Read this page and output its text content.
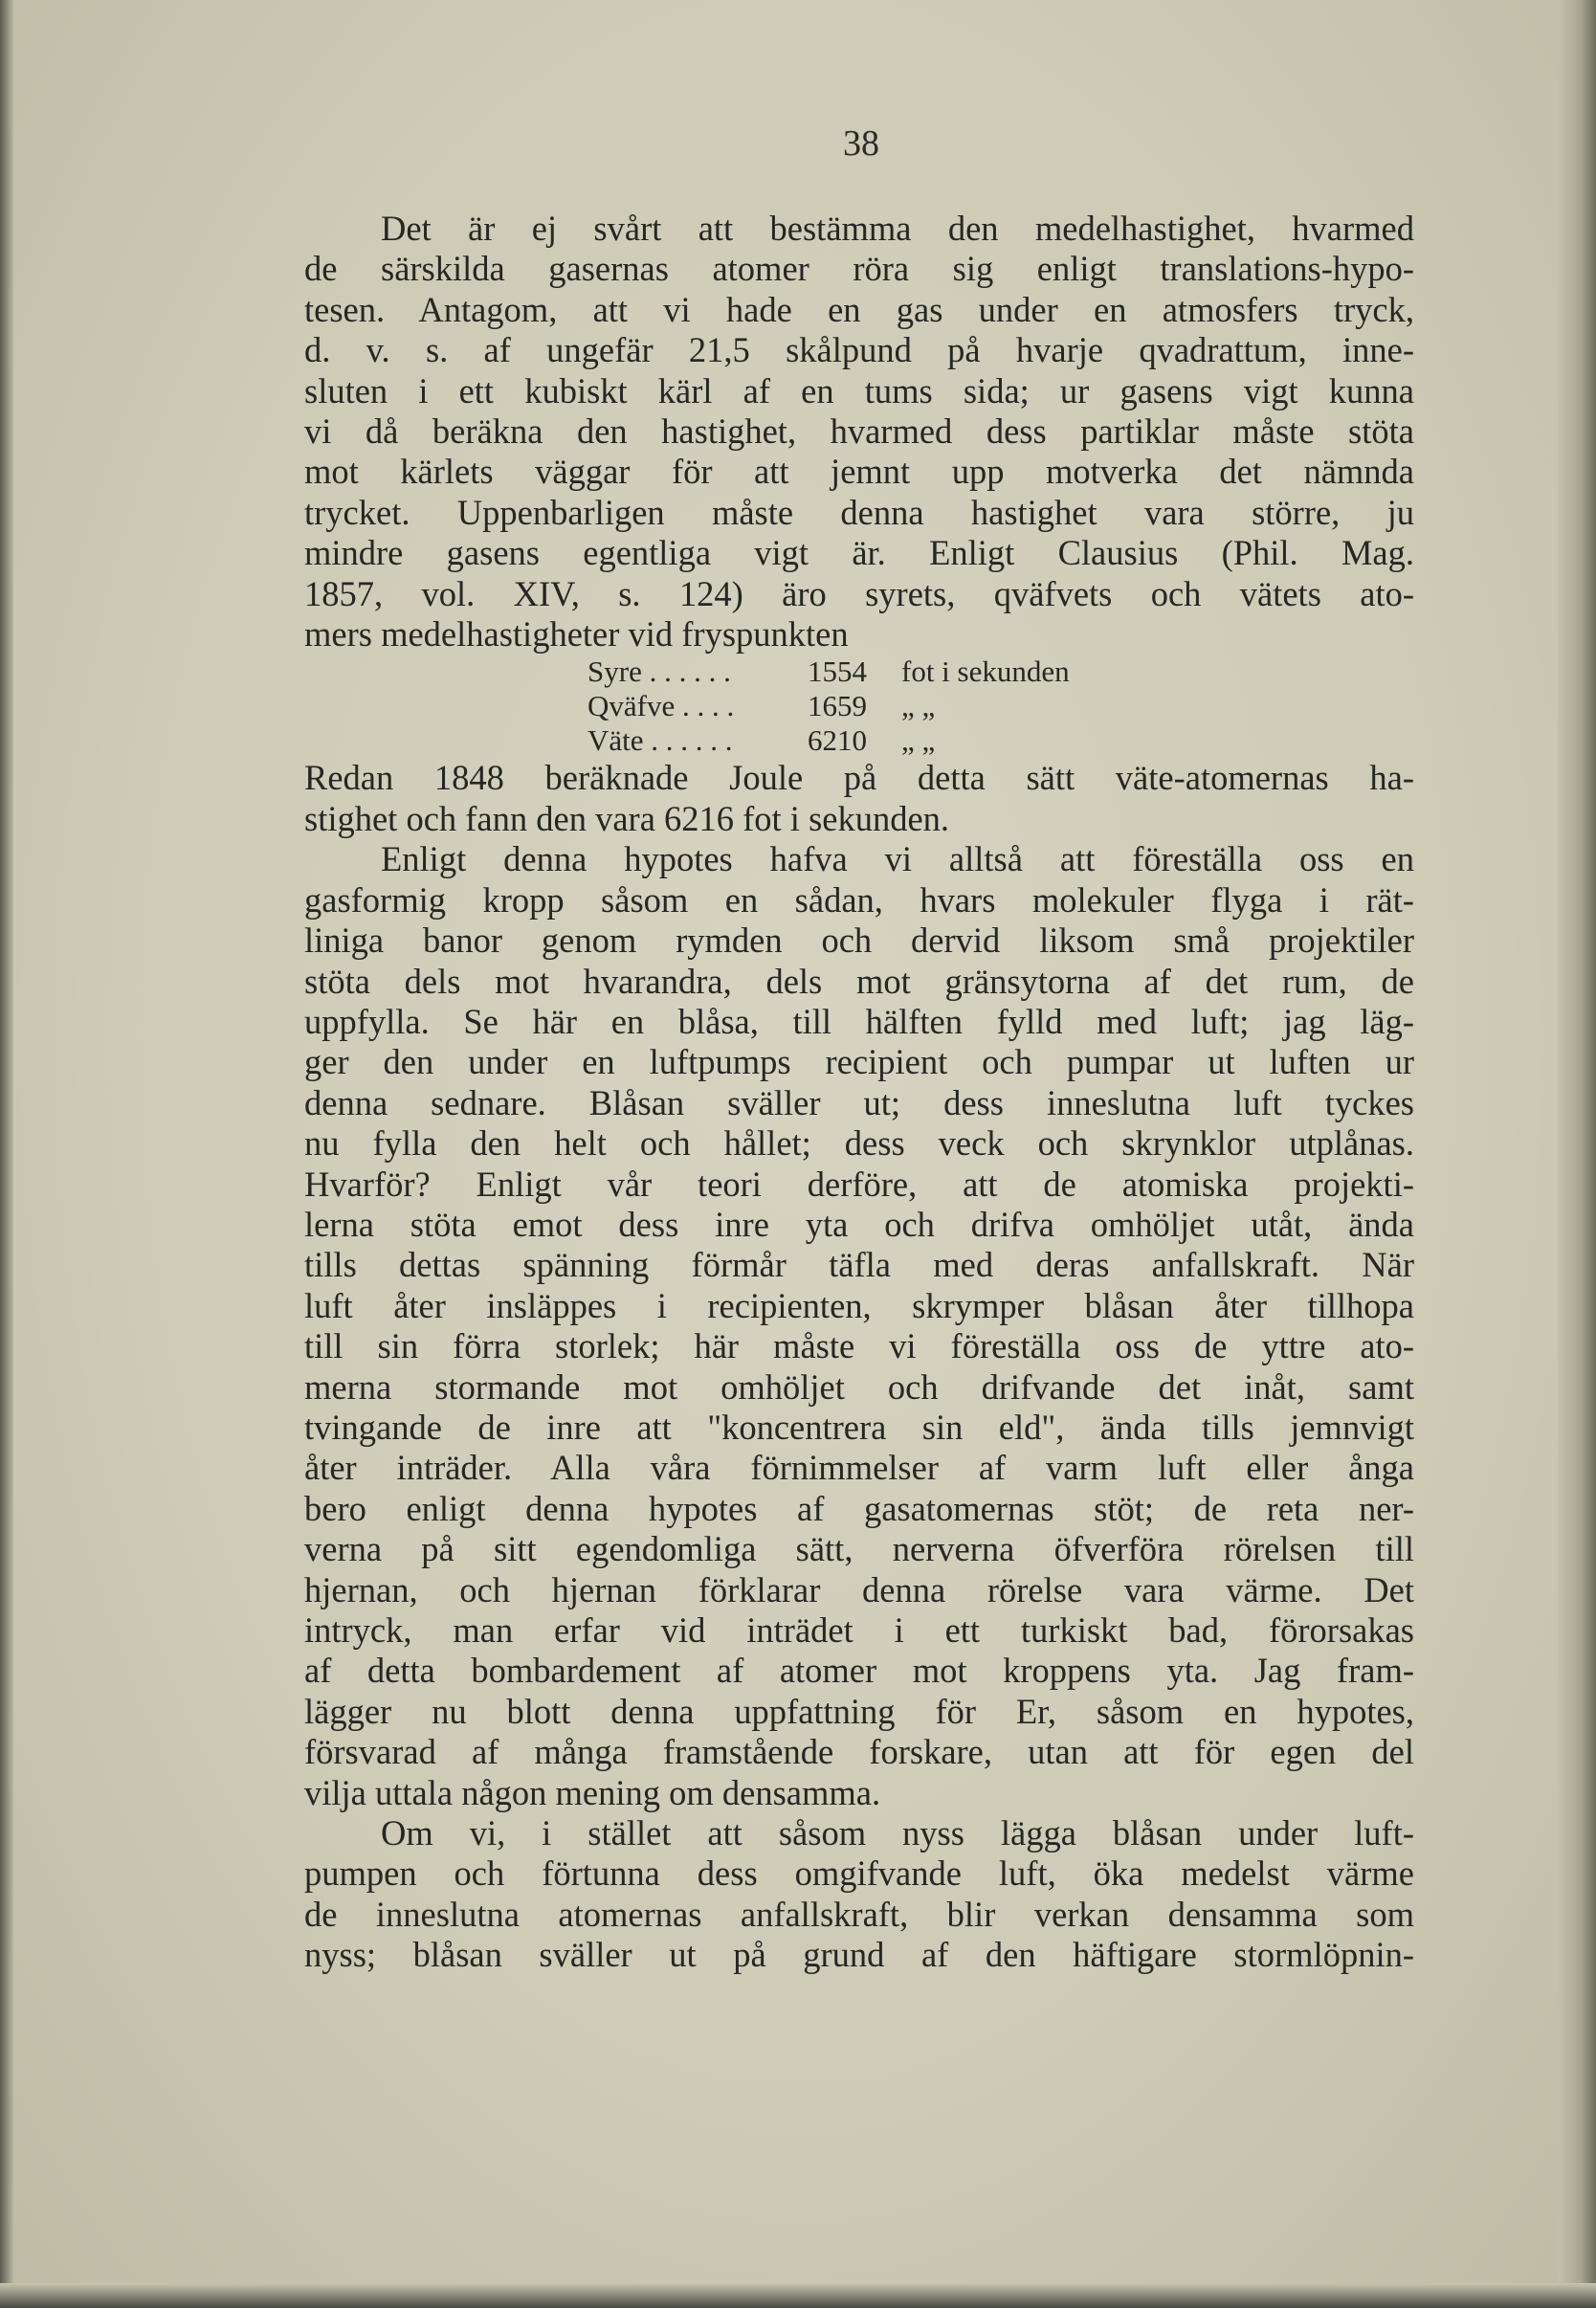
38
Det är ej svårt att bestämma den medelhastighet, hvarmed
de särskilda gasernas atomer röra sig enligt translations-hypo-
tesen. Antagom, att vi hade en gas under en atmosfers tryck,
d. v. s. af ungefär 21,5 skålpund på hvarje qvadrattum, inne-
sluten i ett kubiskt kärl af en tums sida; ur gasens vigt kunna
vi då beräkna den hastighet, hvarmed dess partiklar måste stöta
mot kärlets väggar för att jemnt upp motverka det nämnda
trycket. Uppenbarligen måste denna hastighet vara större, ju
mindre gasens egentliga vigt är. Enligt Clausius (Phil. Mag.
1857, vol. XIV, s. 124) äro syrets, qväfvets och vätets ato-
mers medelhastigheter vid fryspunkten
Syre . . . . . .	1554	fot i sekunden
Qväfve . . . .	1659	„ „
Väte . . . . . .	6210	„ „
Redan 1848 beräknade Joule på detta sätt väte-atomernas ha-
stighet och fann den vara 6216 fot i sekunden.
Enligt denna hypotes hafva vi alltså att föreställa oss en
gasformig kropp såsom en sådan, hvars molekuler flyga i rät-
liniga banor genom rymden och dervid liksom små projektiler
stöta dels mot hvarandra, dels mot gränsytorna af det rum, de
uppfylla. Se här en blåsa, till hälften fylld med luft; jag läg-
ger den under en luftpumps recipient och pumpar ut luften ur
denna sednare. Blåsan sväller ut; dess inneslutna luft tyckes
nu fylla den helt och hållet; dess veck och skrynklor utplånas.
Hvarför? Enligt vår teori derföre, att de atomiska projekti-
lerna stöta emot dess inre yta och drifva omhöljet utåt, ända
tills dettas spänning förmår täfla med deras anfallskraft. När
luft åter insläppes i recipienten, skrymper blåsan åter tillhopa
till sin förra storlek; här måste vi föreställa oss de yttre ato-
merna stormande mot omhöljet och drifvande det inåt, samt
tvingande de inre att "koncentrera sin eld", ända tills jemnvigt
åter inträder. Alla våra förnimmelser af varm luft eller ånga
bero enligt denna hypotes af gasatomernas stöt; de reta ner-
verna på sitt egendomliga sätt, nerverna öfverföra rörelsen till
hjernan, och hjernan förklarar denna rörelse vara värme. Det
intryck, man erfar vid inträdet i ett turkiskt bad, förorsakas
af detta bombardement af atomer mot kroppens yta. Jag fram-
lägger nu blott denna uppfattning för Er, såsom en hypotes,
försvarad af många framstående forskare, utan att för egen del
vilja uttala någon mening om densamma.
Om vi, i stället att såsom nyss lägga blåsan under luft-
pumpen och förtunna dess omgifvande luft, öka medelst värme
de inneslutna atomernas anfallskraft, blir verkan densamma som
nyss; blåsan sväller ut på grund af den häftigare stormlöpnin-
